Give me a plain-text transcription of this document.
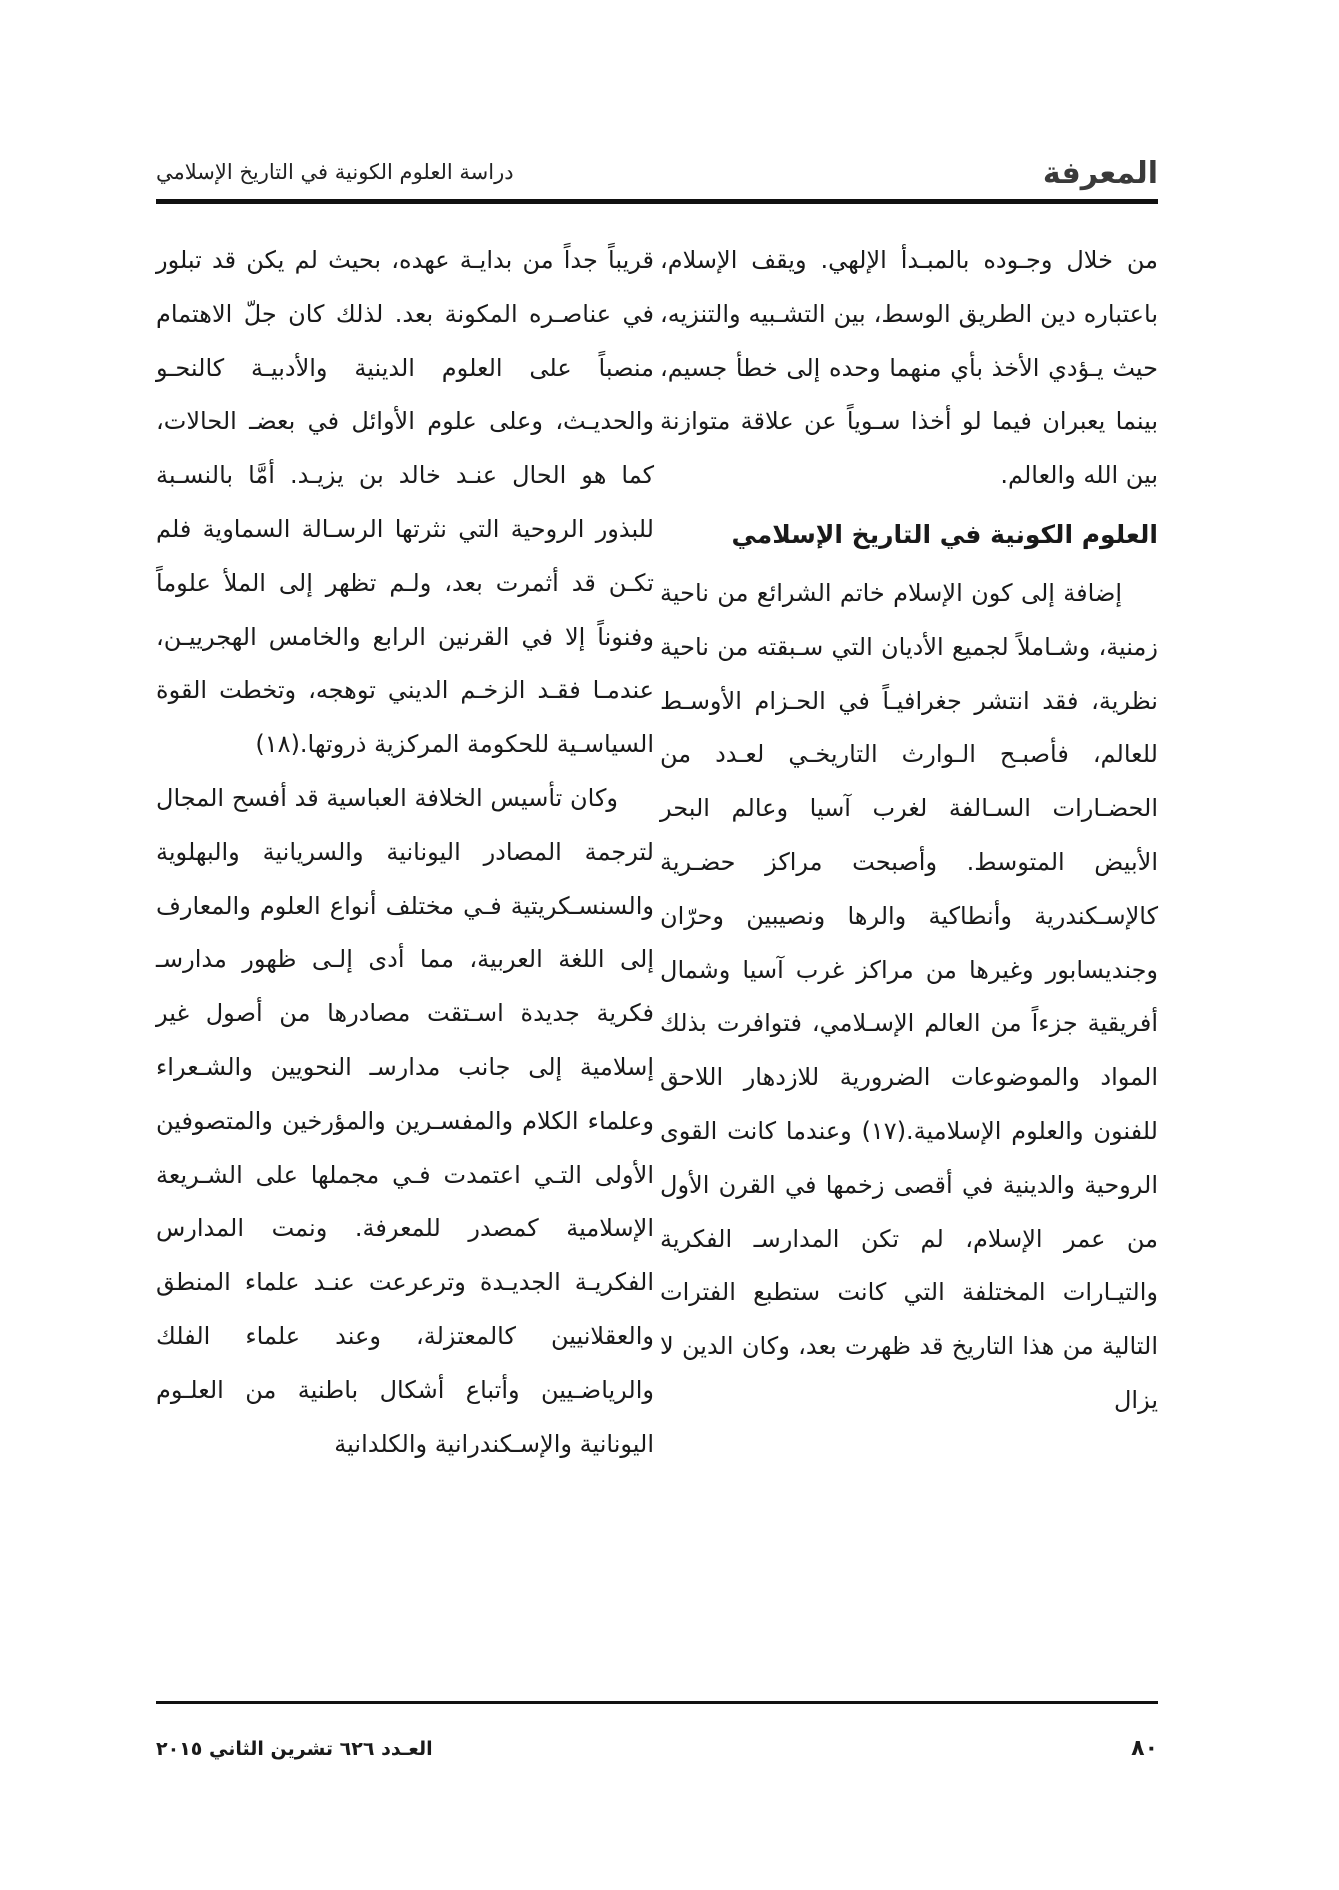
المعرفة
دراسة العلوم الكونية في التاريخ الإسلامي

من خلال وجـوده بالمبـدأ الإلهي. ويقف الإسلام، باعتباره دين الطريق الوسط، بين التشـبيه والتنزيه، حيث يـؤدي الأخذ بأي منهما وحده إلى خطأ جسيم، بينما يعبران فيما لو أخذا سـوياً عن علاقة متوازنة بين الله والعالم.

العلوم الكونية في التاريخ الإسلامي

إضافة إلى كون الإسلام خاتم الشرائع من ناحية زمنية، وشـاملاً لجميع الأديان التي سـبقته من ناحية نظرية، فقد انتشر جغرافيـاً في الحـزام الأوسـط للعالم، فأصبـح الـوارث التاريخـي لعـدد من الحضـارات السـالفة لغرب آسيا وعالم البحر الأبيض المتوسط. وأصبحت مراكز حضـرية كالإسـكندرية وأنطاكية والرها ونصيبين وحرّان وجنديسابور وغيرها من مراكز غرب آسيا وشمال أفريقية جزءاً من العالم الإسـلامي، فتوافرت بذلك المواد والموضوعات الضرورية للازدهار اللاحق للفنون والعلوم الإسلامية.(١٧) وعندما كانت القوى الروحية والدينية في أقصى زخمها في القرن الأول من عمر الإسلام، لم تكن المدارسـ الفكرية والتيـارات المختلفة التي كانت ستطبع الفترات التالية من هذا التاريخ قد ظهرت بعد، وكان الدين لا يزال

قريباً جداً من بدايـة عهده، بحيث لم يكن قد تبلور في عناصـره المكونة بعد. لذلك كان جلّ الاهتمام منصباً على العلوم الدينية والأدبيـة كالنحـو والحديـث، وعلى علوم الأوائل في بعضـ الحالات، كما هو الحال عنـد خالد بن يزيـد. أمَّا بالنسـبة للبذور الروحية التي نثرتها الرسـالة السماوية فلم تكـن قد أثمرت بعد، ولـم تظهر إلى الملأ علوماً وفنوناً إلا في القرنين الرابع والخامس الهجرييـن، عندمـا فقـد الزخـم الديني توهجه، وتخطت القوة السياسـية للحكومة المركزية ذروتها.(١٨)

وكان تأسيس الخلافة العباسية قد أفسح المجال لترجمة المصادر اليونانية والسريانية والبهلوية والسنسـكريتية فـي مختلف أنواع العلوم والمعارف إلى اللغة العربية، مما أدى إلـى ظهور مدارسـ فكرية جديدة اسـتقت مصادرها من أصول غير إسلامية إلى جانب مدارسـ النحويين والشـعراء وعلماء الكلام والمفسـرين والمؤرخين والمتصوفين الأولى التـي اعتمدت فـي مجملها على الشـريعة الإسلامية كمصدر للمعرفة. ونمت المدارس الفكريـة الجديـدة وترعرعت عنـد علماء المنطق والعقلانيين كالمعتزلة، وعند علماء الفلك والرياضـيين وأتباع أشكال باطنية من العلـوم اليونانية والإسـكندرانية والكلدانية

٨٠
العـدد ٦٢٦ تشرين الثاني ٢٠١٥
